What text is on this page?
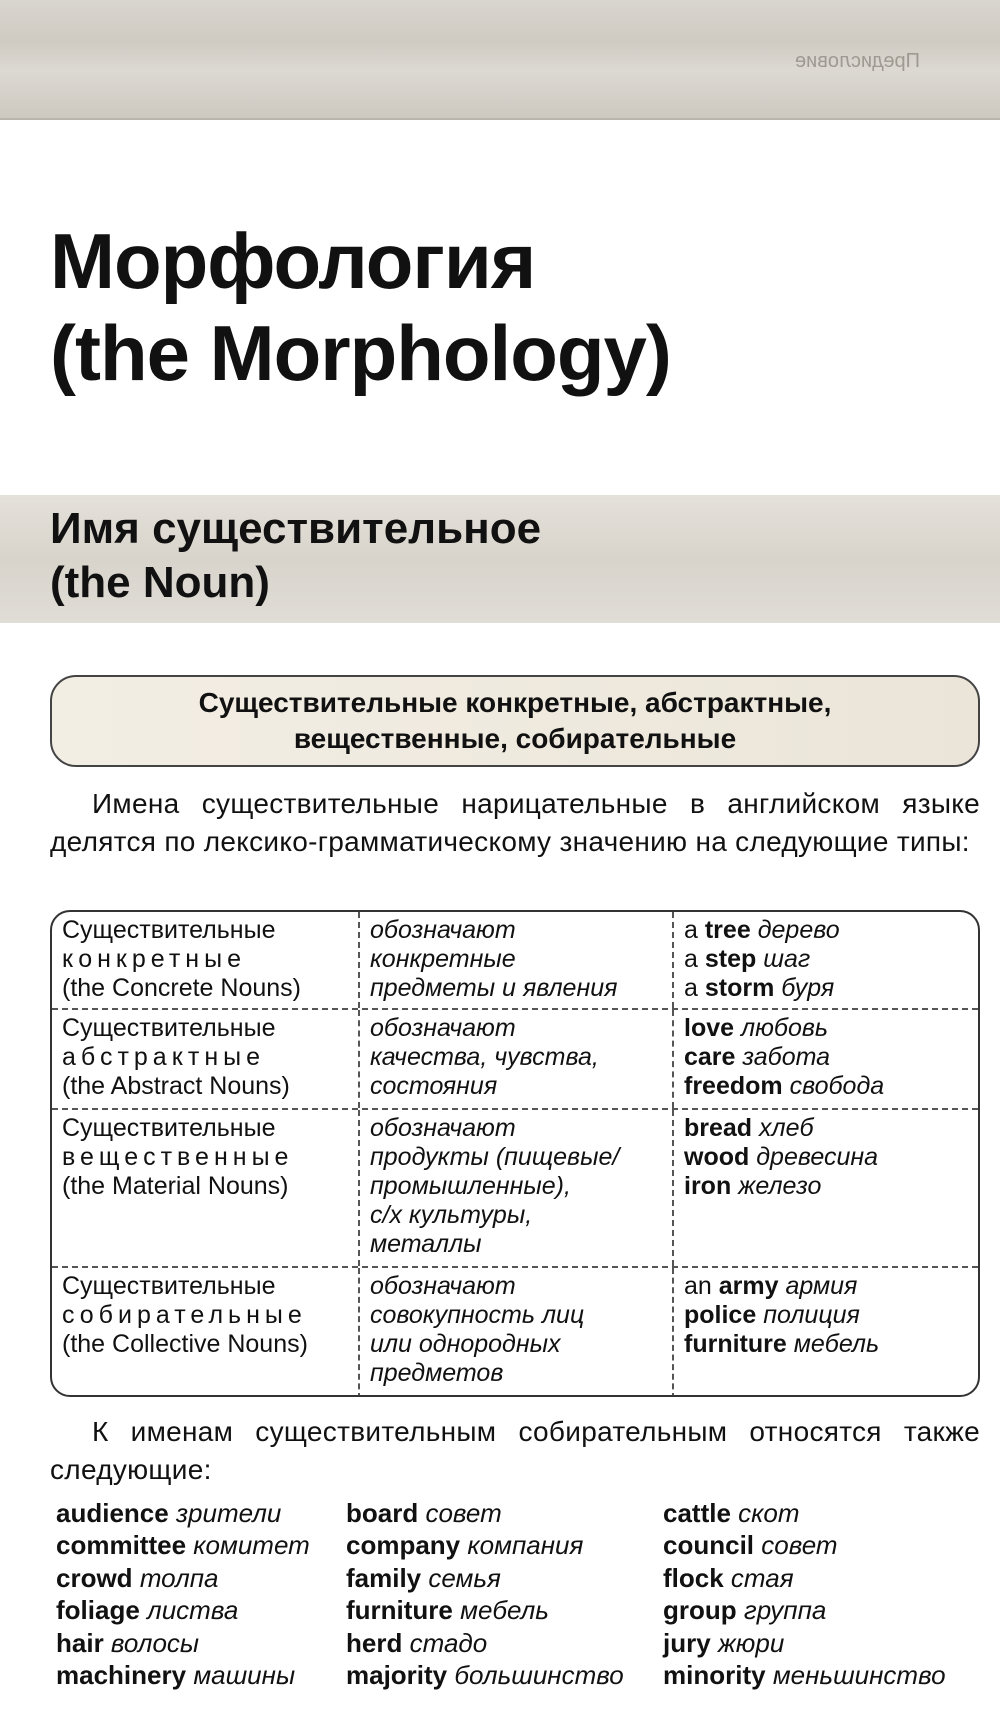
Предисловие
Морфология
(the Morphology)
Имя существительное
(the Noun)
Существительные конкретные, абстрактные,
вещественные, собирательные

Имена существительные нарицательные в английском языке делятся по лексико-грамматическому значению на следующие типы:

Существительные
конкретные
(the Concrete Nouns)
обозначают
конкретные
предметы и явления
a tree дерево
a step шаг
a storm буря
Существительные
абстрактные
(the Abstract Nouns)
обозначают
качества, чувства,
состояния
love любовь
care забота
freedom свобода
Существительные
вещественные
(the Material Nouns)
обозначают
продукты (пищевые/
промышленные),
с/х культуры,
металлы
bread хлеб
wood древесина
iron железо
Существительные
собирательные
(the Collective Nouns)
обозначают
совокупность лиц
или однородных
предметов
an army армия
police полиция
furniture мебель

К именам существительным собирательным относятся также следующие:

audience зрители
committee комитет
crowd толпа
foliage листва
hair волосы
machinery машины
board совет
company компания
family семья
furniture мебель
herd стадо
majority большинство
cattle скот
council совет
flock стая
group группа
jury жюри
minority меньшинство
